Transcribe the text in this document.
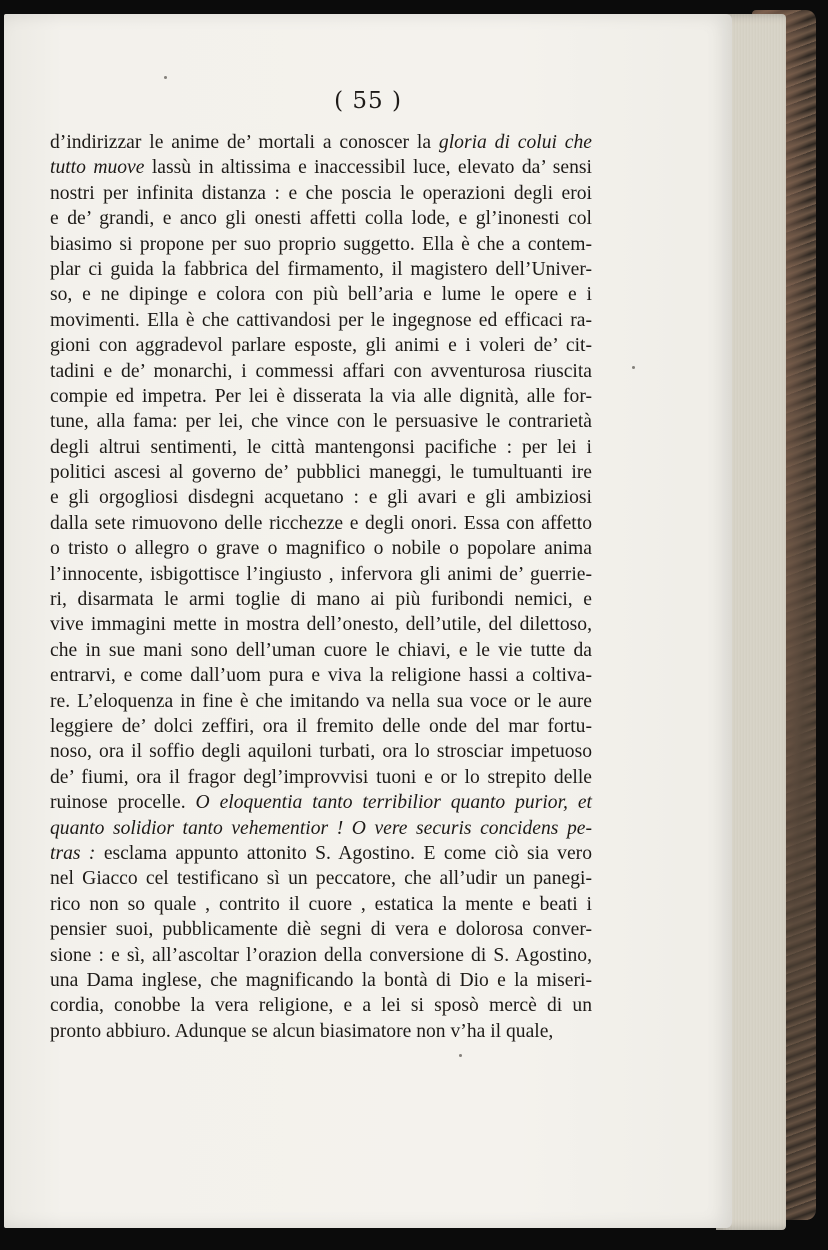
( 55 )
d’indirizzar le anime de’ mortali a conoscer la gloria di colui che
tutto muove lassù in altissima e inaccessibil luce, elevato da’ sensi
nostri per infinita distanza : e che poscia le operazioni degli eroi
e de’ grandi, e anco gli onesti affetti colla lode, e gl’inonesti col
biasimo si propone per suo proprio suggetto. Ella è che a contem-
plar ci guida la fabbrica del firmamento, il magistero dell’Univer-
so, e ne dipinge e colora con più bell’aria e lume le opere e i
movimenti. Ella è che cattivandosi per le ingegnose ed efficaci ra-
gioni con aggradevol parlare esposte, gli animi e i voleri de’ cit-
tadini e de’ monarchi, i commessi affari con avventurosa riuscita
compie ed impetra. Per lei è disserata la via alle dignità, alle for-
tune, alla fama: per lei, che vince con le persuasive le contrarietà
degli altrui sentimenti, le città mantengonsi pacifiche : per lei i
politici ascesi al governo de’ pubblici maneggi, le tumultuanti ire
e gli orgogliosi disdegni acquetano : e gli avari e gli ambiziosi
dalla sete rimuovono delle ricchezze e degli onori. Essa con affetto
o tristo o allegro o grave o magnifico o nobile o popolare anima
l’innocente, isbigottisce l’ingiusto , infervora gli animi de’ guerrie-
ri, disarmata le armi toglie di mano ai più furibondi nemici, e
vive immagini mette in mostra dell’onesto, dell’utile, del dilettoso,
che in sue mani sono dell’uman cuore le chiavi, e le vie tutte da
entrarvi, e come dall’uom pura e viva la religione hassi a coltiva-
re. L’eloquenza in fine è che imitando va nella sua voce or le aure
leggiere de’ dolci zeffiri, ora il fremito delle onde del mar fortu-
noso, ora il soffio degli aquiloni turbati, ora lo strosciar impetuoso
de’ fiumi, ora il fragor degl’improvvisi tuoni e or lo strepito delle
ruinose procelle. O eloquentia tanto terribilior quanto purior, et
quanto solidior tanto vehementior ! O vere securis concidens pe-
tras : esclama appunto attonito S. Agostino. E come ciò sia vero
nel Giacco cel testificano sì un peccatore, che all’udir un panegi-
rico non so quale , contrito il cuore , estatica la mente e beati i
pensier suoi, pubblicamente diè segni di vera e dolorosa conver-
sione : e sì, all’ascoltar l’orazion della conversione di S. Agostino,
una Dama inglese, che magnificando la bontà di Dio e la miseri-
cordia, conobbe la vera religione, e a lei si sposò mercè di un
pronto abbiuro. Adunque se alcun biasimatore non v’ha il quale,
